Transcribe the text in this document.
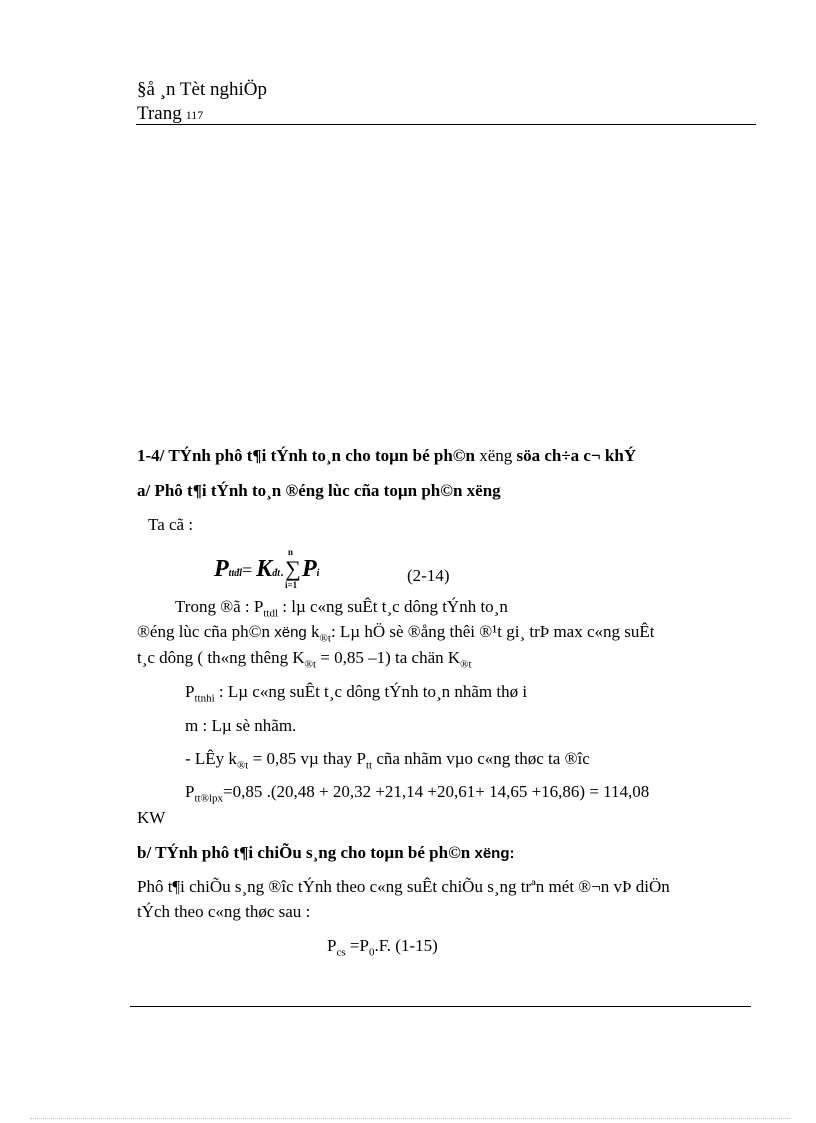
§å ¸n Tèt nghiÖp
Trang 117
1-4/ TÝnh phô t¶i tÝnh to¸n cho toµn bé ph©n xëng söa ch÷a c¬ khÝ
a/ Phô t¶i tÝnh to¸n ®éng lùc cña toµn ph©n xëng
Ta cã :
Pttđl= Kđt.
n
∑
i=1
Pi	(2-14)
Trong ®ã : $P_{ttdl}$ : lµ c«ng suÊt t¸c dông tÝnh to¸n
®éng lùc cña ph©n xëng $k_{®t}$: Lµ hÖ sè ®ång thêi ®¹t gi¸ trÞ max c«ng suÊt
t¸c dông ( th«ng thêng $K_{®t} = 0,85$ –1) ta chän $K_{®t}$
$P_{ttnhi}$ : Lµ c«ng suÊt t¸c dông tÝnh to¸n nhãm thø i
m : Lµ sè nhãm.
- LÊy $k_{®t} = 0,85$ vµ thay $P_{tt}$ cña nhãm vµo c«ng thøc ta ®îc
$P_{tt®lpx}=0,85$ .(20,48 + 20,32 +21,14 +20,61+ 14,65 +16,86) = 114,08
KW
b/ TÝnh phô t¶i chiÕu s¸ng cho toµn bé ph©n xëng:
Phô t¶i chiÕu s¸ng ®îc tÝnh theo c«ng suÊt chiÕu s¸ng trªn mét ®¬n vÞ diÖn
tÝch theo c«ng thøc sau :
$P_{cs} =P_0.F$. (1-15)
